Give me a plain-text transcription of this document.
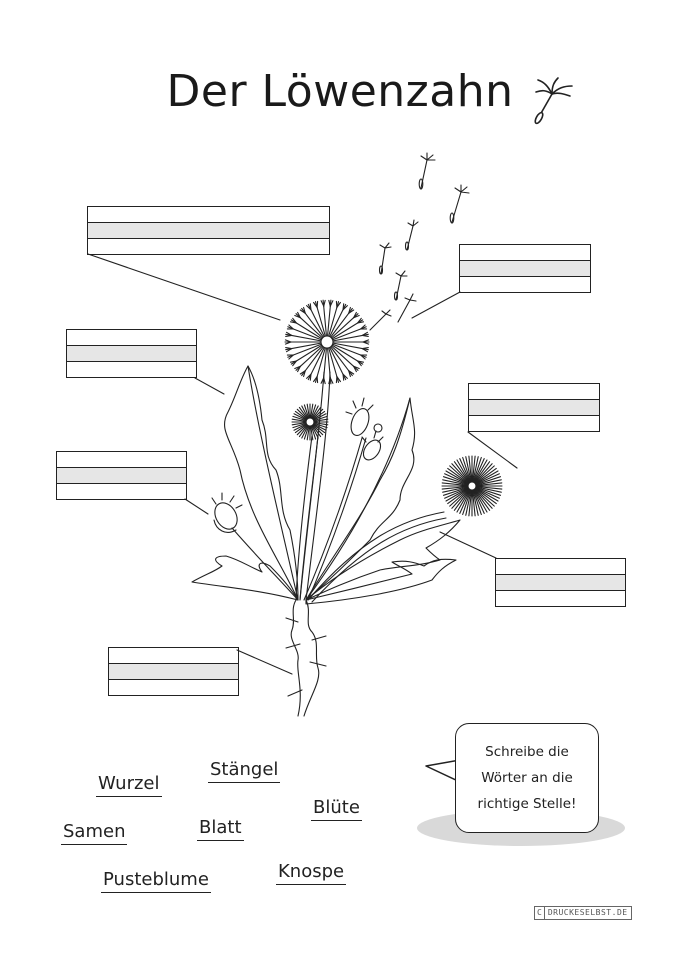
Der Löwenzahn
Wurzel
Stängel
Samen	Blatt
Blüte
Pusteblume	Knospe
Schreibe die
Wörter an die
richtige Stelle!
C DRUCKESELBST.DE
